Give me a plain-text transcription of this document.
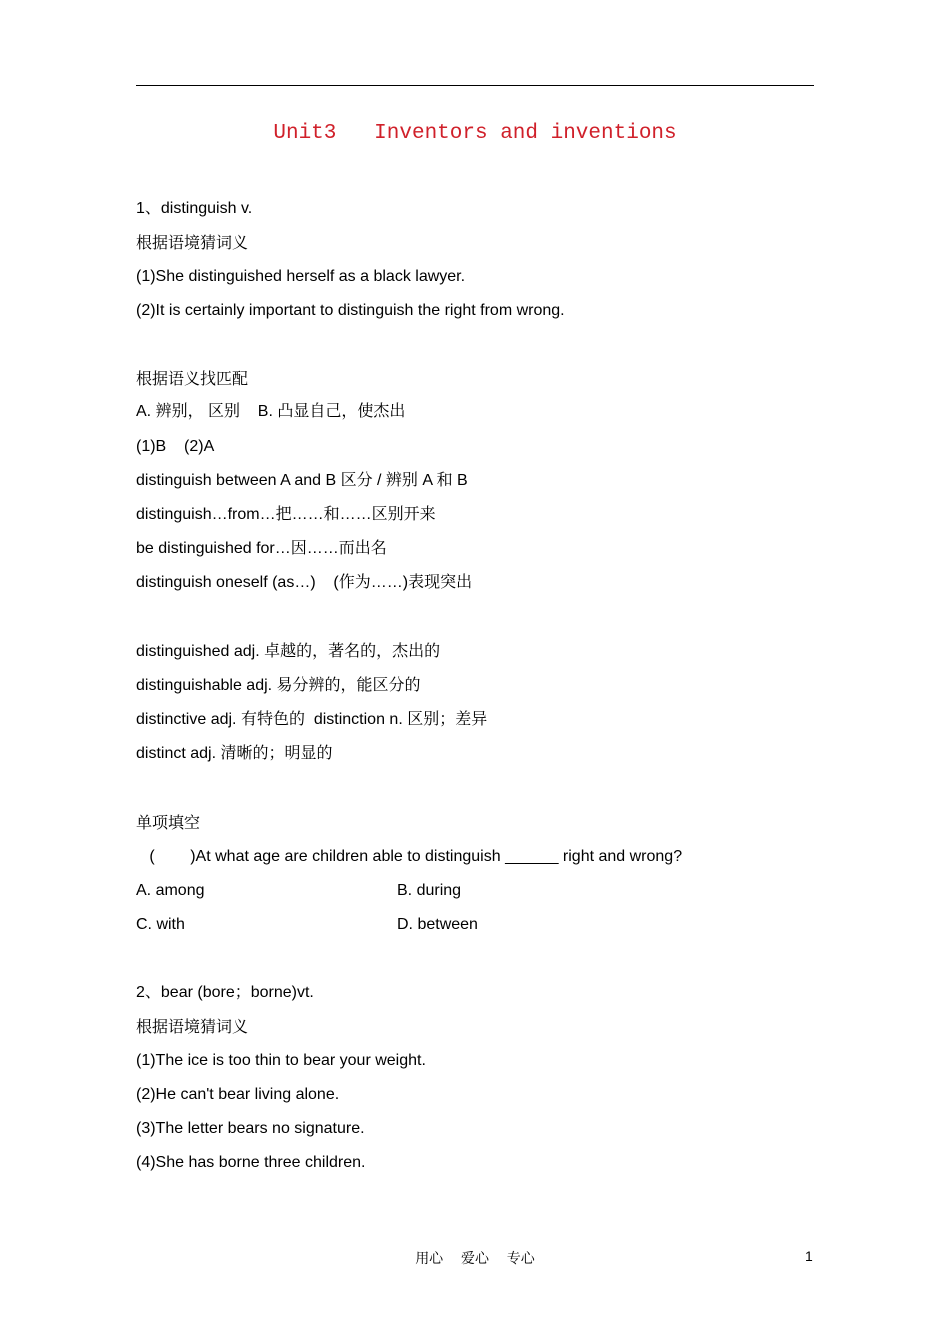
Unit3   Inventors and inventions
1、distinguish v.
根据语境猜词义
(1)She distinguished herself as a black lawyer.
(2)It is certainly important to distinguish the right from wrong.
根据语义找匹配
A. 辨别， 区别    B. 凸显自己，使杰出
(1)B    (2)A
distinguish between A and B 区分 / 辨别 A 和 B
distinguish…from…把……和……区别开来
be distinguished for…因……而出名
distinguish oneself (as…)    (作为……)表现突出
distinguished adj. 卓越的，著名的，杰出的
distinguishable adj. 易分辨的，能区分的
distinctive adj. 有特色的  distinction n. 区别；差异
distinct adj. 清晰的；明显的
单项填空
(        )At what age are children able to distinguish ______ right and wrong?
A. among	B. during
C. with	D. between
2、bear (bore；borne)vt.
根据语境猜词义
(1)The ice is too thin to bear your weight.
(2)He can't bear living alone.
(3)The letter bears no signature.
(4)She has borne three children.
用心    爱心    专心	1
